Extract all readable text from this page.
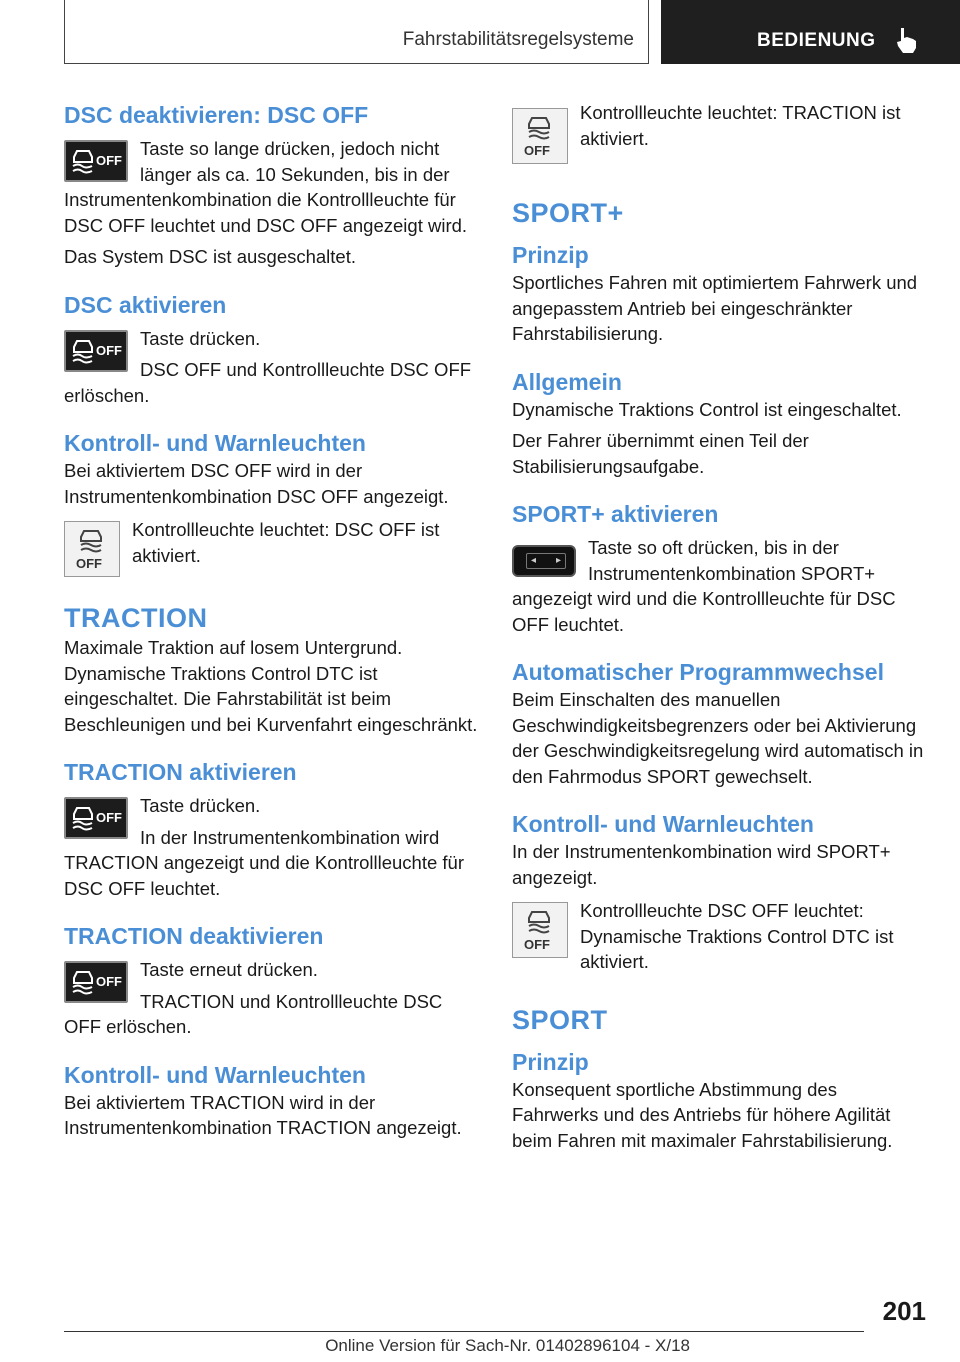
Fahrstabilitätsregelsysteme	BEDIENUNG
DSC deaktivieren: DSC OFF
OFF

Taste so lange drücken, jedoch nicht länger als ca. 10 Sekunden, bis in der Instrumentenkombination die Kontrollleuchte für DSC OFF leuchtet und DSC OFF angezeigt wird.

Das System DSC ist ausgeschaltet.

DSC aktivieren
OFF

Taste drücken.

DSC OFF und Kontrollleuchte DSC OFF erlöschen.

Kontroll- und Warnleuchten

Bei aktiviertem DSC OFF wird in der Instrumentenkombination DSC OFF angezeigt.

OFF

Kontrollleuchte leuchtet: DSC OFF ist aktiviert.

TRACTION

Maximale Traktion auf losem Untergrund. Dynamische Traktions Control DTC ist eingeschaltet. Die Fahrstabilität ist beim Beschleunigen und bei Kurvenfahrt eingeschränkt.

TRACTION aktivieren
OFF

Taste drücken.

In der Instrumentenkombination wird TRACTION angezeigt und die Kontrollleuchte für DSC OFF leuchtet.

TRACTION deaktivieren
OFF

Taste erneut drücken.

TRACTION und Kontrollleuchte DSC OFF erlöschen.

Kontroll- und Warnleuchten

Bei aktiviertem TRACTION wird in der Instrumentenkombination TRACTION angezeigt.

OFF

Kontrollleuchte leuchtet: TRACTION ist aktiviert.

SPORT+
Prinzip

Sportliches Fahren mit optimiertem Fahrwerk und angepasstem Antrieb bei eingeschränkter Fahrstabilisierung.

Allgemein

Dynamische Traktions Control ist eingeschaltet.

Der Fahrer übernimmt einen Teil der Stabilisierungsaufgabe.

SPORT+ aktivieren
◂ ▸

Taste so oft drücken, bis in der Instrumentenkombination SPORT+ angezeigt wird und die Kontrollleuchte für DSC OFF leuchtet.

Automatischer Programmwechsel

Beim Einschalten des manuellen Geschwindigkeitsbegrenzers oder bei Aktivierung der Geschwindigkeitsregelung wird automatisch in den Fahrmodus SPORT gewechselt.

Kontroll- und Warnleuchten

In der Instrumentenkombination wird SPORT+ angezeigt.

OFF

Kontrollleuchte DSC OFF leuchtet: Dynamische Traktions Control DTC ist aktiviert.

SPORT
Prinzip

Konsequent sportliche Abstimmung des Fahrwerks und des Antriebs für höhere Agilität beim Fahren mit maximaler Fahrstabilisierung.

201
Online Version für Sach-Nr. 01402896104 - X/18
